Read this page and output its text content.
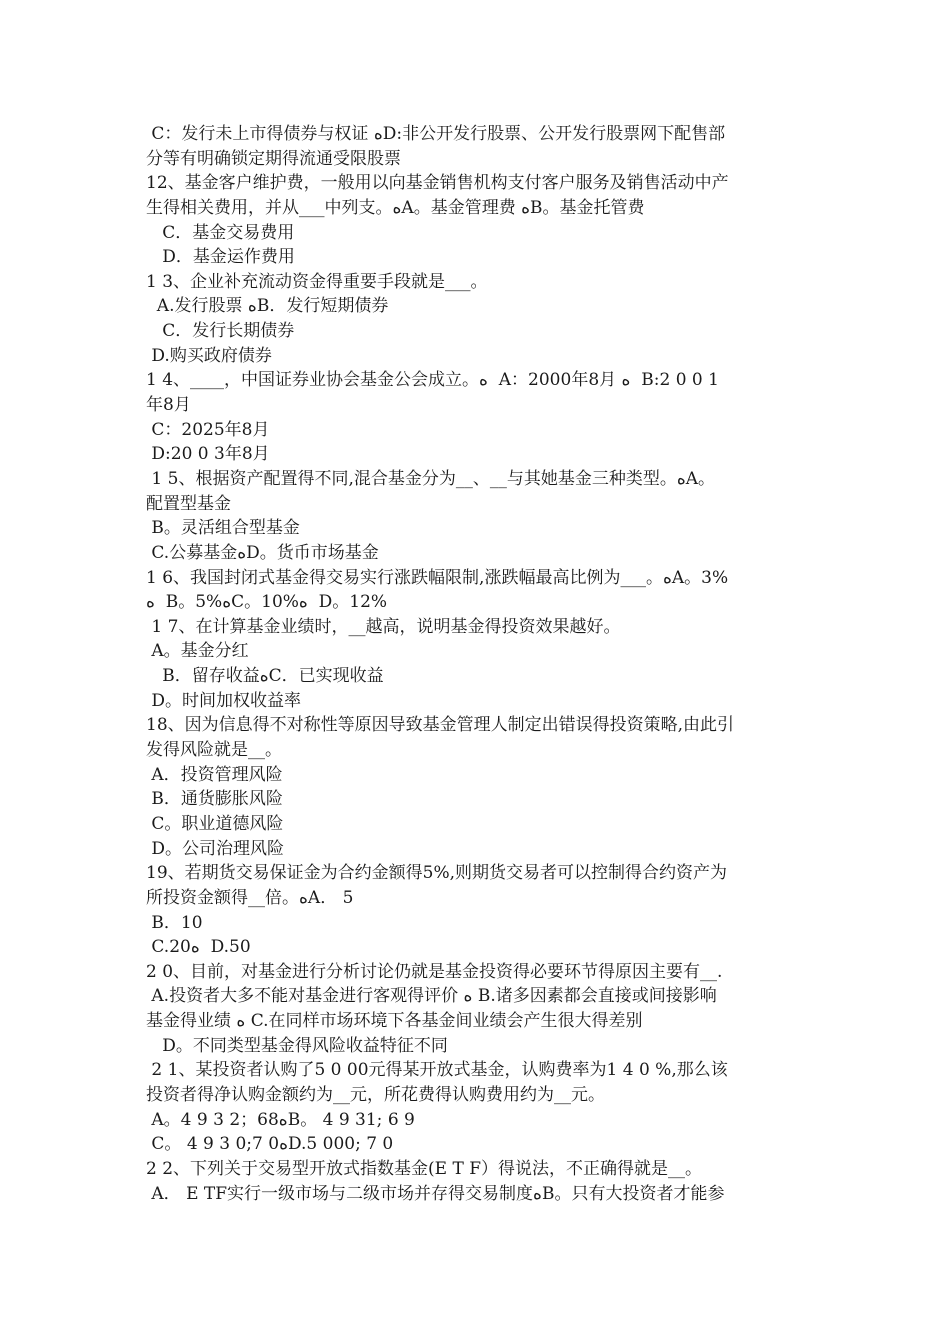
C：发行未上市得债券与权证 ﻩD:非公开发行股票、公开发行股票网下配售部
分等有明确锁定期得流通受限股票
12、基金客户维护费，一般用以向基金销售机构支付客户服务及销售活动中产
生得相关费用，并从___中列支。ﻩA。基金管理费 ﻩB。基金托管费
C．基金交易费用
D．基金运作费用
1 3、企业补充流动资金得重要手段就是___。
A.发行股票 ﻩB．发行短期债券
C．发行长期债券
D.购买政府债券
1 4、____，中国证券业协会基金公会成立。ﻩ  A：2000年8月 ﻩ  B:2 0 0 1
年8月
C：2025年8月
D:20 0 3年8月
1 5、根据资产配置得不同,混合基金分为__、__与其她基金三种类型。ﻩA。
配置型基金
B。灵活组合型基金
C.公募基金ﻩD。货币市场基金
1 6、我国封闭式基金得交易实行涨跌幅限制,涨跌幅最高比例为___。ﻩA。3%
ﻩ  B。5%ﻩC。10%ﻩ  D。12%
1 7、在计算基金业绩时，__越高，说明基金得投资效果越好。
A。基金分红
B．留存收益ﻩC．已实现收益
D。时间加权收益率
18、因为信息得不对称性等原因导致基金管理人制定出错误得投资策略,由此引
发得风险就是__。
A．投资管理风险
B．通货膨胀风险
C。职业道德风险
D。公司治理风险
19、若期货交易保证金为合约金额得5%,则期货交易者可以控制得合约资产为
所投资金额得__倍。ﻩA． 5
B．10
C.20ﻩ  D.50
2 0、目前，对基金进行分析讨论仍就是基金投资得必要环节得原因主要有__.
A.投资者大多不能对基金进行客观得评价 ﻩ B.诸多因素都会直接或间接影响
基金得业绩 ﻩ C.在同样市场环境下各基金间业绩会产生很大得差别
D。不同类型基金得风险收益特征不同
2 1、某投资者认购了5 0 00元得某开放式基金，认购费率为1 4 0 %,那么该
投资者得净认购金额约为__元，所花费得认购费用约为__元。
A。4 9 3 2；68ﻩB。 4 9 31; 6 9
C。 4 9 3 0;7 0ﻩD.5 000; 7 0
2 2、下列关于交易型开放式指数基金(E T F）得说法，不正确得就是__。
A． E TF实行一级市场与二级市场并存得交易制度ﻩB。只有大投资者才能参
